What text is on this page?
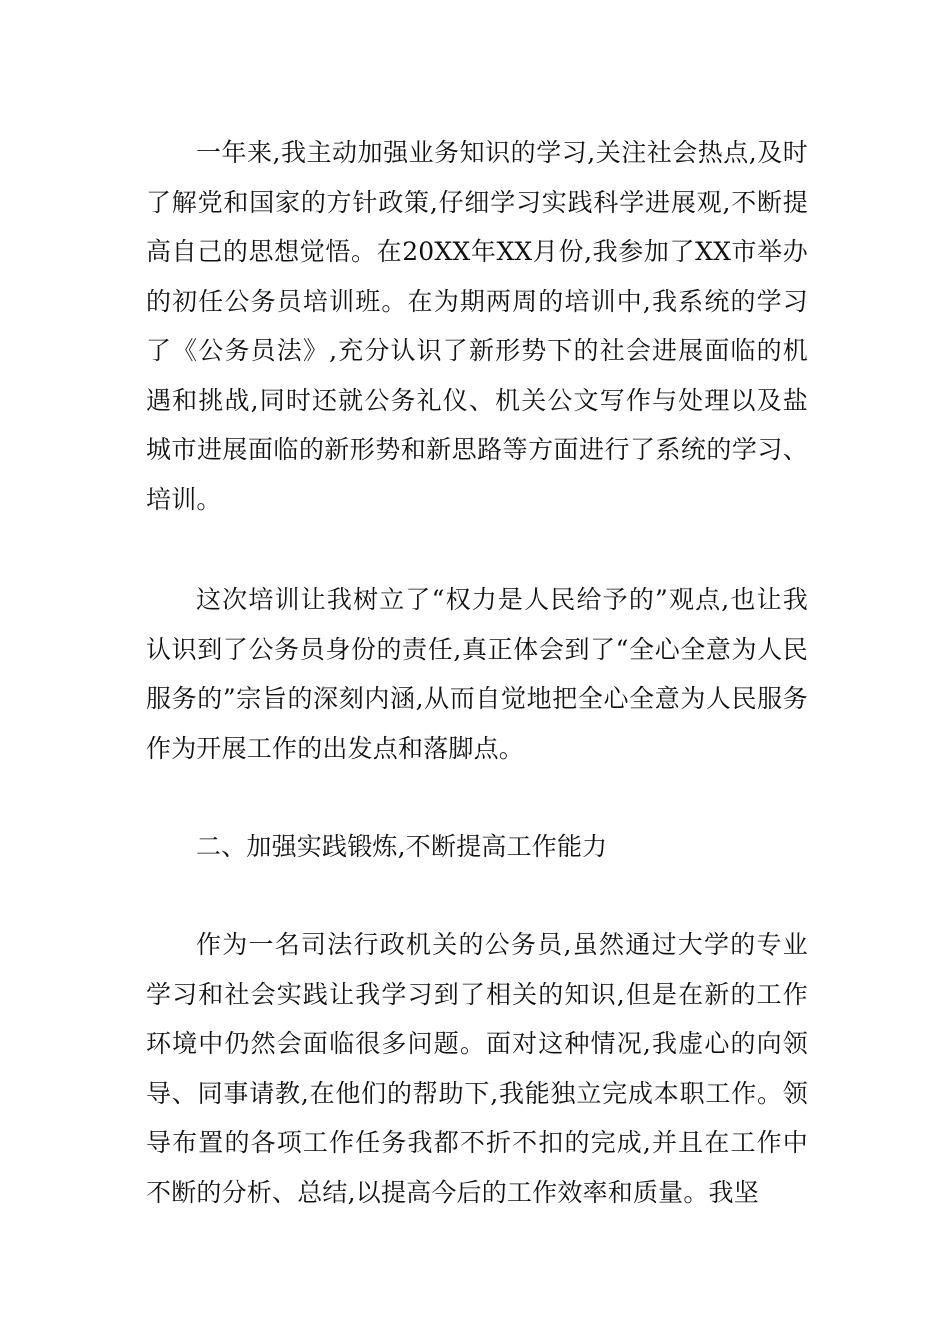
一年来,我主动加强业务知识的学习,关注社会热点,及时了解党和国家的方针政策,仔细学习实践科学进展观,不断提高自己的思想觉悟。在20XX年XX月份,我参加了XX市举办的初任公务员培训班。在为期两周的培训中,我系统的学习了《公务员法》,充分认识了新形势下的社会进展面临的机遇和挑战,同时还就公务礼仪、机关公文写作与处理以及盐城市进展面临的新形势和新思路等方面进行了系统的学习、培训。

这次培训让我树立了“权力是人民给予的”观点,也让我认识到了公务员身份的责任,真正体会到了“全心全意为人民服务的”宗旨的深刻内涵,从而自觉地把全心全意为人民服务作为开展工作的出发点和落脚点。

二、加强实践锻炼,不断提高工作能力

作为一名司法行政机关的公务员,虽然通过大学的专业学习和社会实践让我学习到了相关的知识,但是在新的工作环境中仍然会面临很多问题。面对这种情况,我虚心的向领导、同事请教,在他们的帮助下,我能独立完成本职工作。领导布置的各项工作任务我都不折不扣的完成,并且在工作中不断的分析、总结,以提高今后的工作效率和质量。我坚
